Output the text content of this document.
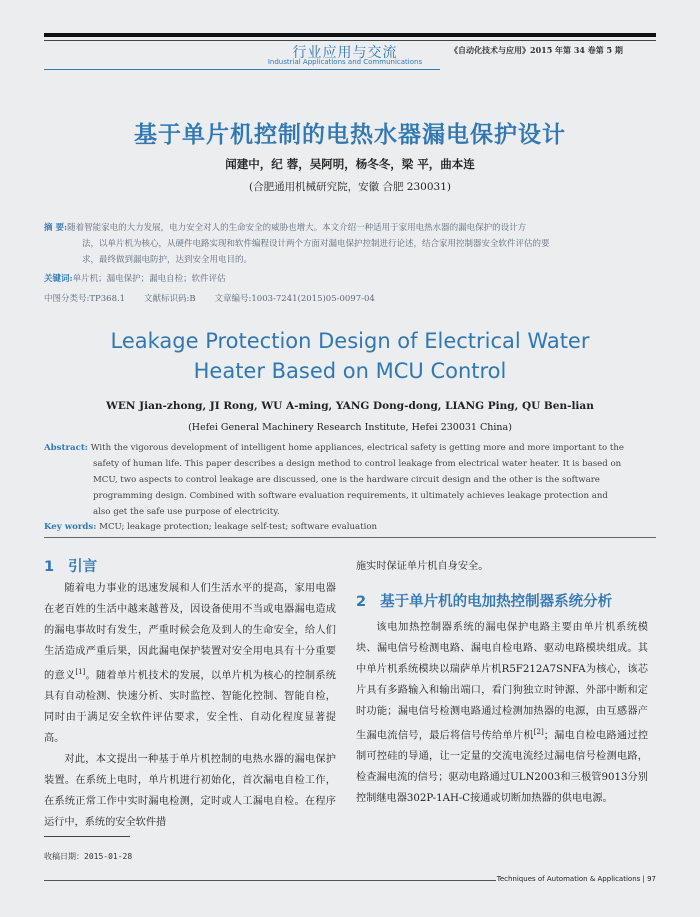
行业应用与交流
Industrial Applications and Communications
《自动化技术与应用》2015 年第 34 卷第 5 期
基于单片机控制的电热水器漏电保护设计
闻建中，纪 蓉，吴阿明，杨冬冬，梁 平，曲本连
(合肥通用机械研究院，安徽 合肥 230031)
摘 要:随着智能家电的大力发展，电力安全对人的生命安全的威胁也增大。本文介绍一种适用于家用电热水器的漏电保护的设计方
法，以单片机为核心，从硬件电路实现和软件编程设计两个方面对漏电保护控制进行论述，结合家用控制器安全软件评估的要
求，最终做到漏电防护，达到安全用电目的。
关键词:单片机；漏电保护；漏电自检；软件评估
中图分类号:TP368.1       文献标识码:B       文章编号:1003-7241(2015)05-0097-04
Leakage Protection Design of Electrical Water
Heater Based on MCU Control
WEN Jian-zhong, JI Rong, WU A-ming, YANG Dong-dong, LIANG Ping, QU Ben-lian
(Hefei General Machinery Research Institute, Hefei 230031 China)
Abstract: With the vigorous development of intelligent home appliances, electrical safety is getting more and more important to the
safety of human life. This paper describes a design method to control leakage from electrical water heater. It is based on
MCU, two aspects to control leakage are discussed, one is the hardware circuit design and the other is the software
programming design. Combined with software evaluation requirements, it ultimately achieves leakage protection and
also get the safe use purpose of electricity.
Key words: MCU; leakage protection; leakage self-test; software evaluation
1 引言

随着电力事业的迅速发展和人们生活水平的提高，家用电器在老百姓的生活中越来越普及，因设备使用不当或电器漏电造成的漏电事故时有发生，严重时候会危及到人的生命安全，给人们生活造成严重后果，因此漏电保护装置对安全用电具有十分重要的意义[1]。随着单片机技术的发展，以单片机为核心的控制系统具有自动检测、快速分析、实时监控、智能化控制、智能自检，同时由于满足安全软件评估要求，安全性、自动化程度显著提高。

对此，本文提出一种基于单片机控制的电热水器的漏电保护装置。在系统上电时，单片机进行初始化，首次漏电自检工作，在系统正常工作中实时漏电检测，定时或人工漏电自检。在程序运行中，系统的安全软件措

施实时保证单片机自身安全。

2 基于单片机的电加热控制器系统分析

该电加热控制器系统的漏电保护电路主要由单片机系统模块、漏电信号检测电路、漏电自检电路、驱动电路模块组成。其中单片机系统模块以瑞萨单片机R5F212A7SNFA为核心，该芯片具有多路输入和输出端口，看门狗独立时钟源、外部中断和定时功能；漏电信号检测电路通过检测加热器的电源，由互感器产生漏电流信号，最后将信号传给单片机[2]；漏电自检电路通过控制可控硅的导通，让一定量的交流电流经过漏电信号检测电路，检查漏电流的信号；驱动电路通过ULN2003和三极管9013分别控制继电器302P-1AH-C接通或切断加热器的供电电源。

收稿日期：2015-01-28
Techniques of Automation & Applications | 97
